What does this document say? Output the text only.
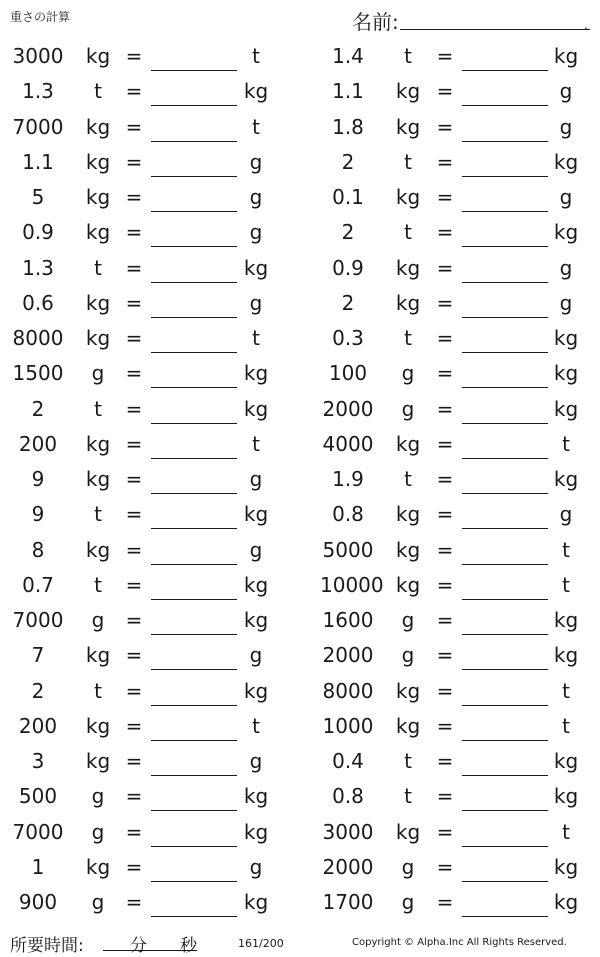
重さの計算	名前:	.
3000 kg =	t	1.4	t	=	kg
1.3	t	=	kg	1.1	kg =	g
7000 kg =	t	1.8	kg =	g
1.1	kg =	g	2	t	=	kg
5	kg =	g	0.1	kg =	g
0.9	kg =	g	2	t	=	kg
1.3	t	=	kg	0.9	kg =	g
0.6	kg =	g	2	kg =	g
8000 kg =	t	0.3	t	=	kg
1500	g	=	kg	100	g	=	kg
2	t	=	kg	2000	g	=	kg
200	kg =	t	4000 kg =	t
9	kg =	g	1.9	t	=	kg
9	t	=	kg	0.8	kg =	g
8	kg =	g	5000 kg =	t
0.7	t	=	kg	10000 kg =	t
7000	g	=	kg	1600	g	=	kg
7	kg =	g	2000	g	=	kg
2	t	=	kg	8000 kg =	t
200	kg =	t	1000 kg =	t
3	kg =	g	0.4	t	=	kg
500	g	=	kg	0.8	t	=	kg
7000	g	=	kg	3000 kg =	t
1	kg =	g	2000	g	=	kg
900	g	=	kg	1700	g	=	kg
所要時間:	分 秒	161/200	Copyright © Alpha.Inc All Rights Reserved.
